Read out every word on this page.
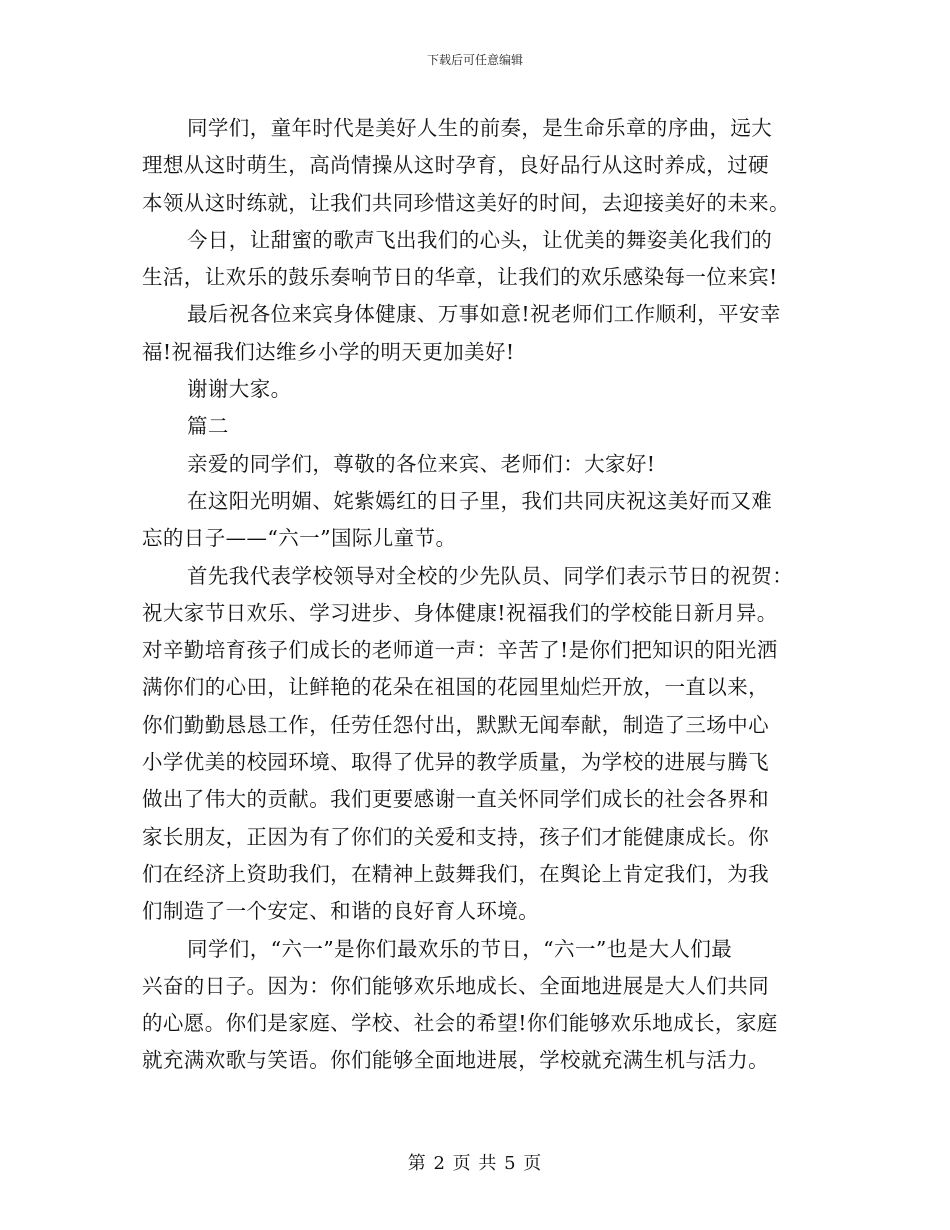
下载后可任意编辑
同学们，童年时代是美好人生的前奏，是生命乐章的序曲，远大
理想从这时萌生，高尚情操从这时孕育，良好品行从这时养成，过硬
本领从这时练就，让我们共同珍惜这美好的时间，去迎接美好的未来。
今日，让甜蜜的歌声飞出我们的心头，让优美的舞姿美化我们的
生活，让欢乐的鼓乐奏响节日的华章，让我们的欢乐感染每一位来宾!
最后祝各位来宾身体健康、万事如意!祝老师们工作顺利，平安幸
福!祝福我们达维乡小学的明天更加美好!
谢谢大家。
篇二
亲爱的同学们，尊敬的各位来宾、老师们：大家好!
在这阳光明媚、姹紫嫣红的日子里，我们共同庆祝这美好而又难
忘的日子——“六一”国际儿童节。
首先我代表学校领导对全校的少先队员、同学们表示节日的祝贺：
祝大家节日欢乐、学习进步、身体健康!祝福我们的学校能日新月异。
对辛勤培育孩子们成长的老师道一声：辛苦了!是你们把知识的阳光洒
满你们的心田，让鲜艳的花朵在祖国的花园里灿烂开放，一直以来，
你们勤勤恳恳工作，任劳任怨付出，默默无闻奉献，制造了三场中心
小学优美的校园环境、取得了优异的教学质量，为学校的进展与腾飞
做出了伟大的贡献。我们更要感谢一直关怀同学们成长的社会各界和
家长朋友，正因为有了你们的关爱和支持，孩子们才能健康成长。你
们在经济上资助我们，在精神上鼓舞我们，在舆论上肯定我们，为我
们制造了一个安定、和谐的良好育人环境。
同学们，“六一”是你们最欢乐的节日，“六一”也是大人们最
兴奋的日子。因为：你们能够欢乐地成长、全面地进展是大人们共同
的心愿。你们是家庭、学校、社会的希望!你们能够欢乐地成长，家庭
就充满欢歌与笑语。你们能够全面地进展，学校就充满生机与活力。
第 2 页 共 5 页
